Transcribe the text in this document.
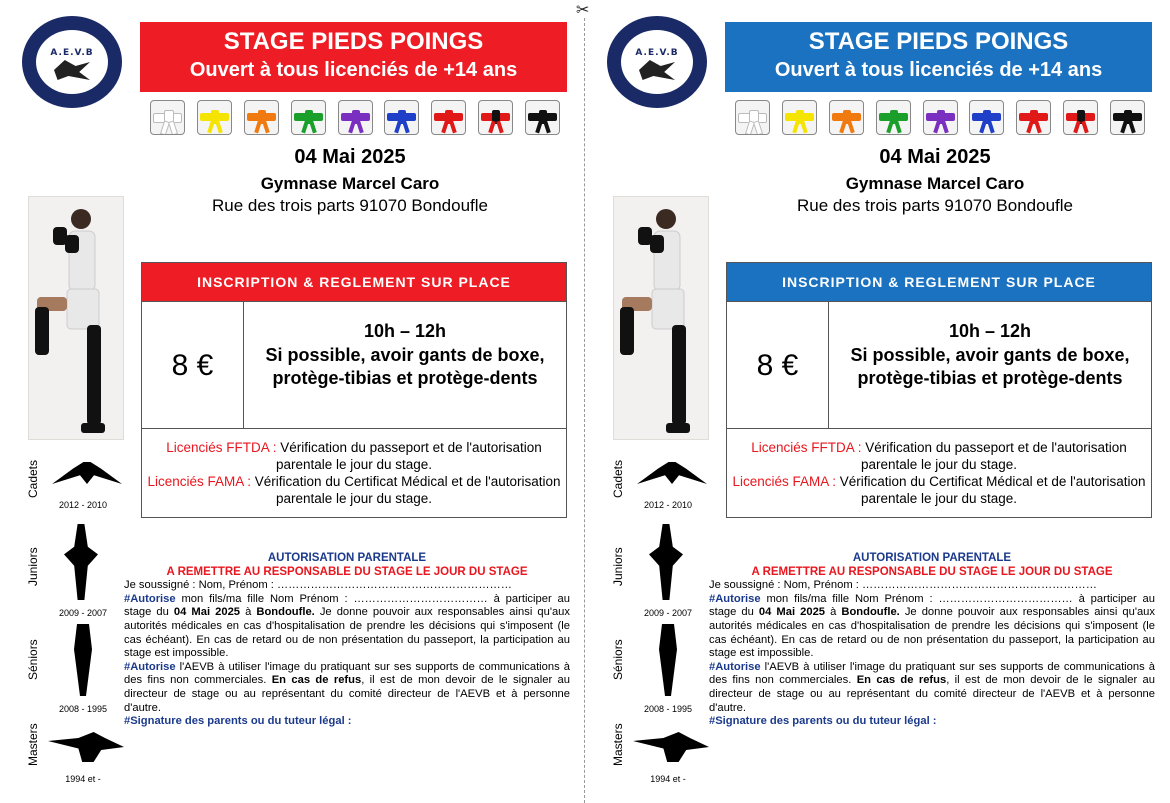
✂
A.E.V.B	STAGE PIEDS POINGS
Ouvert à tous licenciés de +14 ans
04 Mai 2025
Gymnase Marcel Caro
Rue des trois parts 91070 Bondoufle
INSCRIPTION & REGLEMENT SUR PLACE
8 €
10h – 12h
Si possible, avoir gants de boxe, protège-tibias et protège-dents
Licenciés FFTDA : Vérification du passeport et de l'autorisation parentale le jour du stage.
Licenciés FAMA : Vérification du Certificat Médical et de l'autorisation parentale le jour du stage.
Cadets
2012 - 2010
Juniors
2009 - 2007
Séniors
2008 - 1995
Masters
1994 et -
AUTORISATION PARENTALE
A REMETTRE AU RESPONSABLE DU STAGE LE JOUR DU STAGE
Je soussigné : Nom, Prénom : ………………………………………………………
#Autorise mon fils/ma fille Nom Prénom : ……………………………… à participer au stage du 04 Mai 2025 à Bondoufle. Je donne pouvoir aux responsables ainsi qu'aux autorités médicales en cas d'hospitalisation de prendre les décisions qui s'imposent (le cas échéant). En cas de retard ou de non présentation du passeport, la participation au stage est impossible.
#Autorise l'AEVB à utiliser l'image du pratiquant sur ses supports de communications à des fins non commerciales. En cas de refus, il est de mon devoir de le signaler au directeur de stage ou au représentant du comité directeur de l'AEVB et à personne d'autre.
#Signature des parents ou du tuteur légal :
A.E.V.B	STAGE PIEDS POINGS
Ouvert à tous licenciés de +14 ans
04 Mai 2025
Gymnase Marcel Caro
Rue des trois parts 91070 Bondoufle
INSCRIPTION & REGLEMENT SUR PLACE
8 €
10h – 12h
Si possible, avoir gants de boxe, protège-tibias et protège-dents
Licenciés FFTDA : Vérification du passeport et de l'autorisation parentale le jour du stage.
Licenciés FAMA : Vérification du Certificat Médical et de l'autorisation parentale le jour du stage.
Cadets
2012 - 2010
Juniors
2009 - 2007
Séniors
2008 - 1995
Masters
1994 et -
AUTORISATION PARENTALE
A REMETTRE AU RESPONSABLE DU STAGE LE JOUR DU STAGE
Je soussigné : Nom, Prénom : ………………………………………………………
#Autorise mon fils/ma fille Nom Prénom : ……………………………… à participer au stage du 04 Mai 2025 à Bondoufle. Je donne pouvoir aux responsables ainsi qu'aux autorités médicales en cas d'hospitalisation de prendre les décisions qui s'imposent (le cas échéant). En cas de retard ou de non présentation du passeport, la participation au stage est impossible.
#Autorise l'AEVB à utiliser l'image du pratiquant sur ses supports de communications à des fins non commerciales. En cas de refus, il est de mon devoir de le signaler au directeur de stage ou au représentant du comité directeur de l'AEVB et à personne d'autre.
#Signature des parents ou du tuteur légal :
